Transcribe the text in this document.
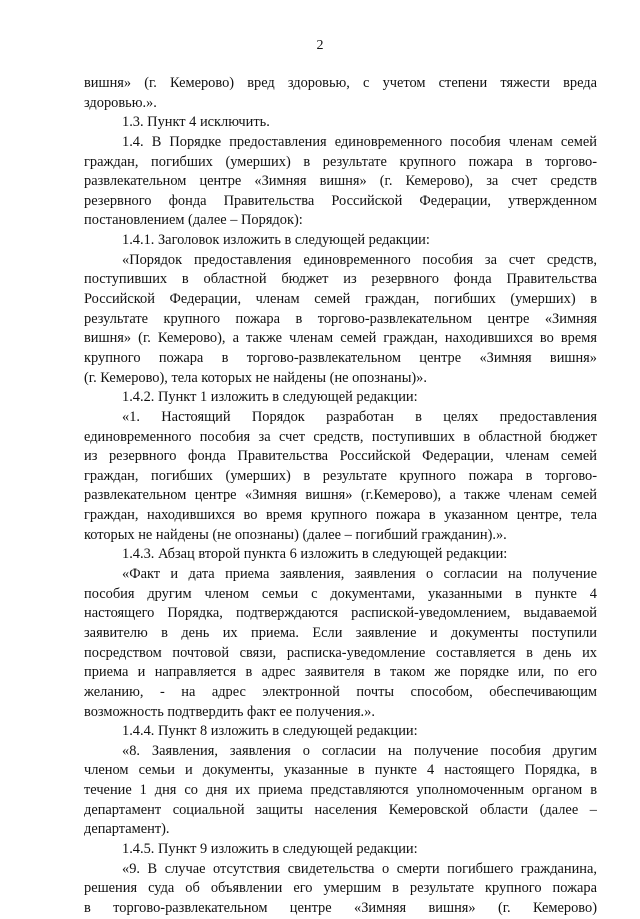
2
вишня» (г. Кемерово) вред здоровью, с учетом степени тяжести вреда
здоровью.».
1.3. Пункт 4 исключить.
1.4. В Порядке предоставления единовременного пособия членам семей
граждан, погибших (умерших) в результате крупного пожара в торгово-
развлекательном центре «Зимняя вишня» (г. Кемерово), за счет средств
резервного фонда Правительства Российской Федерации, утвержденном
постановлением (далее – Порядок):
1.4.1. Заголовок изложить в следующей редакции:
«Порядок предоставления единовременного пособия за счет средств,
поступивших в областной бюджет из резервного фонда Правительства
Российской Федерации, членам семей граждан, погибших (умерших) в
результате крупного пожара в торгово-развлекательном центре «Зимняя
вишня» (г. Кемерово), а также членам семей граждан, находившихся во время
крупного пожара в торгово-развлекательном центре «Зимняя вишня»
(г. Кемерово), тела которых не найдены (не опознаны)».
1.4.2. Пункт 1 изложить в следующей редакции:
«1. Настоящий Порядок разработан в целях предоставления
единовременного пособия за счет средств, поступивших в областной бюджет
из резервного фонда Правительства Российской Федерации, членам семей
граждан, погибших (умерших) в результате крупного пожара в торгово-
развлекательном центре «Зимняя вишня» (г.Кемерово), а также членам семей
граждан, находившихся во время крупного пожара в указанном центре, тела
которых не найдены (не опознаны) (далее – погибший гражданин).».
1.4.3. Абзац второй пункта 6 изложить в следующей редакции:
«Факт и дата приема заявления, заявления о согласии на получение
пособия другим членом семьи с документами, указанными в пункте 4
настоящего Порядка, подтверждаются распиской-уведомлением, выдаваемой
заявителю в день их приема. Если заявление и документы поступили
посредством почтовой связи, расписка-уведомление составляется в день их
приема и направляется в адрес заявителя в таком же порядке или, по его
желанию, - на адрес электронной почты способом, обеспечивающим
возможность подтвердить факт ее получения.».
1.4.4. Пункт 8 изложить в следующей редакции:
«8. Заявления, заявления о согласии на получение пособия другим
членом семьи и документы, указанные в пункте 4 настоящего Порядка, в
течение 1 дня со дня их приема представляются уполномоченным органом в
департамент социальной защиты населения Кемеровской области (далее –
департамент).
1.4.5. Пункт 9 изложить в следующей редакции:
«9. В случае отсутствия свидетельства о смерти погибшего гражданина,
решения суда об объявлении его умершим в результате крупного пожара
в торгово-развлекательном центре «Зимняя вишня» (г. Кемерово)
